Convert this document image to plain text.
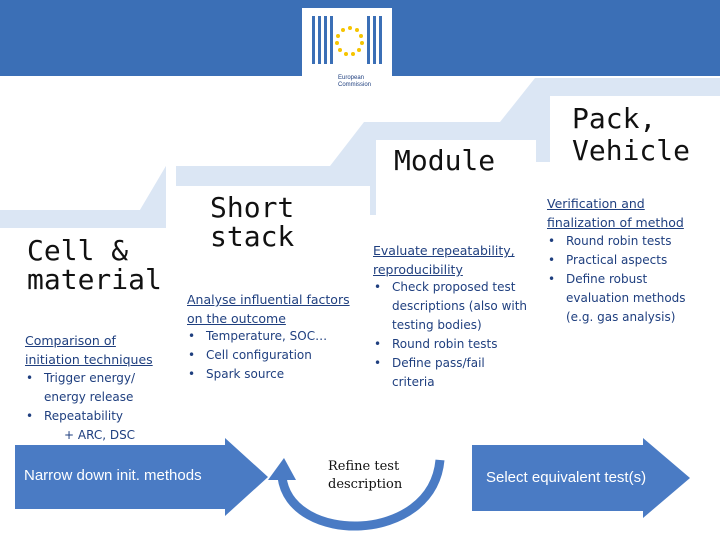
European
Commission
Cell &
material
Comparison of
initiation techniques
• Trigger energy/
energy release
• Repeatability
+ ARC, DSC
Short
stack
Analyse influential factors
on the outcome
• Temperature, SOC…
• Cell configuration
• Spark source
Module
Evaluate repeatability,
reproducibility
• Check proposed test
descriptions (also with
testing bodies)
• Round robin tests
• Define pass/fail
criteria
Pack,
Vehicle
Verification and
finalization of method
• Round robin tests
• Practical aspects
• Define robust
evaluation methods
(e.g. gas analysis)
Narrow down init. methods
Refine test
description	Select equivalent test(s)
